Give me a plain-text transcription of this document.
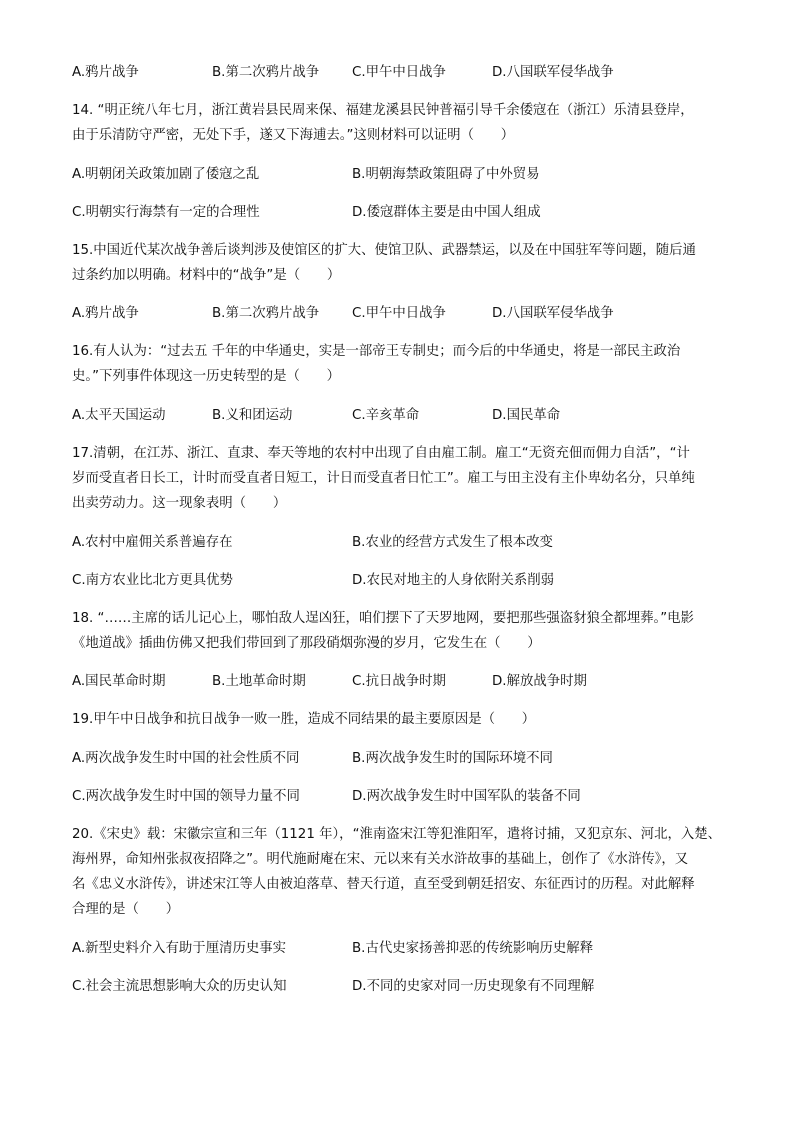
A.鸦片战争	B.第二次鸦片战争 C.甲午中日战争	D.八国联军侵华战争
14. “明正统八年七月，浙江黄岩县民周来保、福建龙溪县民钟普福引导千余倭寇在（浙江）乐清县登岸，
由于乐清防守严密，无处下手，遂又下海逋去。”这则材料可以证明（　　）
A.明朝闭关政策加剧了倭寇之乱	B.明朝海禁政策阻碍了中外贸易
C.明朝实行海禁有一定的合理性	D.倭寇群体主要是由中国人组成
15.中国近代某次战争善后谈判涉及使馆区的扩大、使馆卫队、武器禁运，以及在中国驻军等问题，随后通
过条约加以明确。材料中的“战争”是（　　）
A.鸦片战争	B.第二次鸦片战争 C.甲午中日战争	D.八国联军侵华战争
16.有人认为：“过去五 千年的中华通史，实是一部帝王专制史；而今后的中华通史，将是一部民主政治
史。”下列事件体现这一历史转型的是（　　）
A.太平天国运动	B.义和团运动	C.辛亥革命	D.国民革命
17.清朝，在江苏、浙江、直隶、奉天等地的农村中出现了自由雇工制。雇工“无资充佃而佣力自活”，“计
岁而受直者日长工，计时而受直者日短工，计日而受直者日忙工”。雇工与田主没有主仆卑幼名分，只单纯
出卖劳动力。这一现象表明（　　）
A.农村中雇佣关系普遍存在	B.农业的经营方式发生了根本改变
C.南方农业比北方更具优势	D.农民对地主的人身依附关系削弱
18. “……主席的话儿记心上，哪怕敌人逞凶狂，咱们摆下了天罗地网，要把那些强盗豺狼全都埋葬。”电影
《地道战》插曲仿佛又把我们带回到了那段硝烟弥漫的岁月，它发生在（　　）
A.国民革命时期	B.土地革命时期	C.抗日战争时期	D.解放战争时期
19.甲午中日战争和抗日战争一败一胜，造成不同结果的最主要原因是（　　）
A.两次战争发生时中国的社会性质不同	B.两次战争发生时的国际环境不同
C.两次战争发生时中国的领导力量不同	D.两次战争发生时中国军队的装备不同
20.《宋史》载：宋徽宗宣和三年（1121 年），“淮南盗宋江等犯淮阳军，遣将讨捕，又犯京东、河北，入楚、
海州界，命知州张叔夜招降之”。明代施耐庵在宋、元以来有关水浒故事的基础上，创作了《水浒传》，又
名《忠义水浒传》，讲述宋江等人由被迫落草、替天行道，直至受到朝廷招安、东征西讨的历程。对此解释
合理的是（　　）
A.新型史料介入有助于厘清历史事实	B.古代史家扬善抑恶的传统影响历史解释
C.社会主流思想影响大众的历史认知	D.不同的史家对同一历史现象有不同理解
